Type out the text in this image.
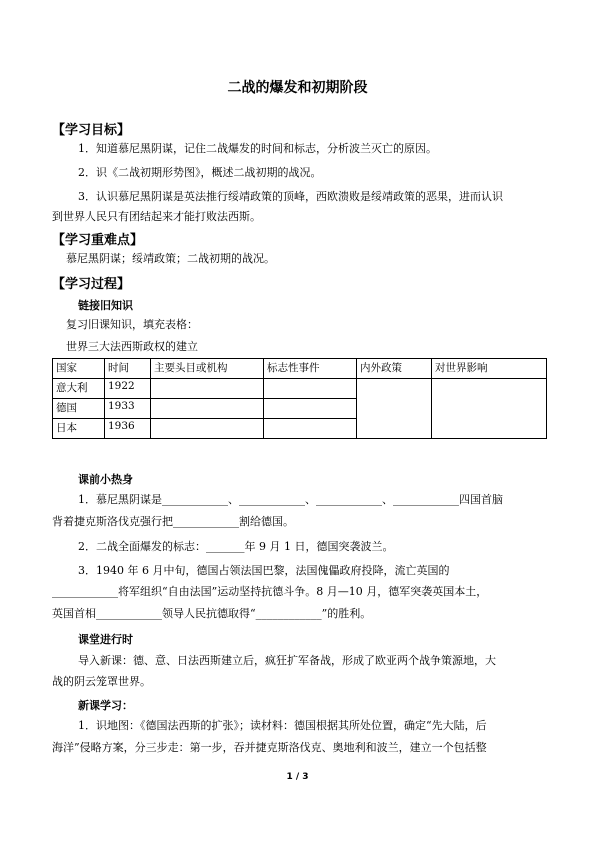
二战的爆发和初期阶段
【学习目标】
1．知道慕尼黑阴谋，记住二战爆发的时间和标志，分析波兰灭亡的原因。
2．识《二战初期形势图》，概述二战初期的战况。
3．认识慕尼黑阴谋是英法推行绥靖政策的顶峰，西欧溃败是绥靖政策的恶果，进而认识
到世界人民只有团结起来才能打败法西斯。
【学习重难点】
慕尼黑阴谋；绥靖政策；二战初期的战况。
【学习过程】
链接旧知识
复习旧课知识，填充表格：
世界三大法西斯政权的建立
国家	时间	主要头目或机构	标志性事件	内外政策	对世界影响
意大利	1922				
德国	1933				
日本	1936				
课前小热身
1．慕尼黑阴谋是____________、____________、____________、____________四国首脑
背着捷克斯洛伐克强行把____________割给德国。
2．二战全面爆发的标志：_______年 9 月 1 日，德国突袭波兰。
3．1940 年 6 月中旬，德国占领法国巴黎，法国傀儡政府投降，流亡英国的
____________将军组织“自由法国”运动坚持抗德斗争。8 月—10 月，德军突袭英国本土，
英国首相____________领导人民抗德取得“____________”的胜利。
课堂进行时
导入新课：德、意、日法西斯建立后，疯狂扩军备战，形成了欧亚两个战争策源地，大
战的阴云笼罩世界。
新课学习：
1．识地图：《德国法西斯的扩张》；读材料：德国根据其所处位置，确定“先大陆，后
海洋”侵略方案，分三步走：第一步，吞并捷克斯洛伐克、奥地利和波兰，建立一个包括整
1 / 3
